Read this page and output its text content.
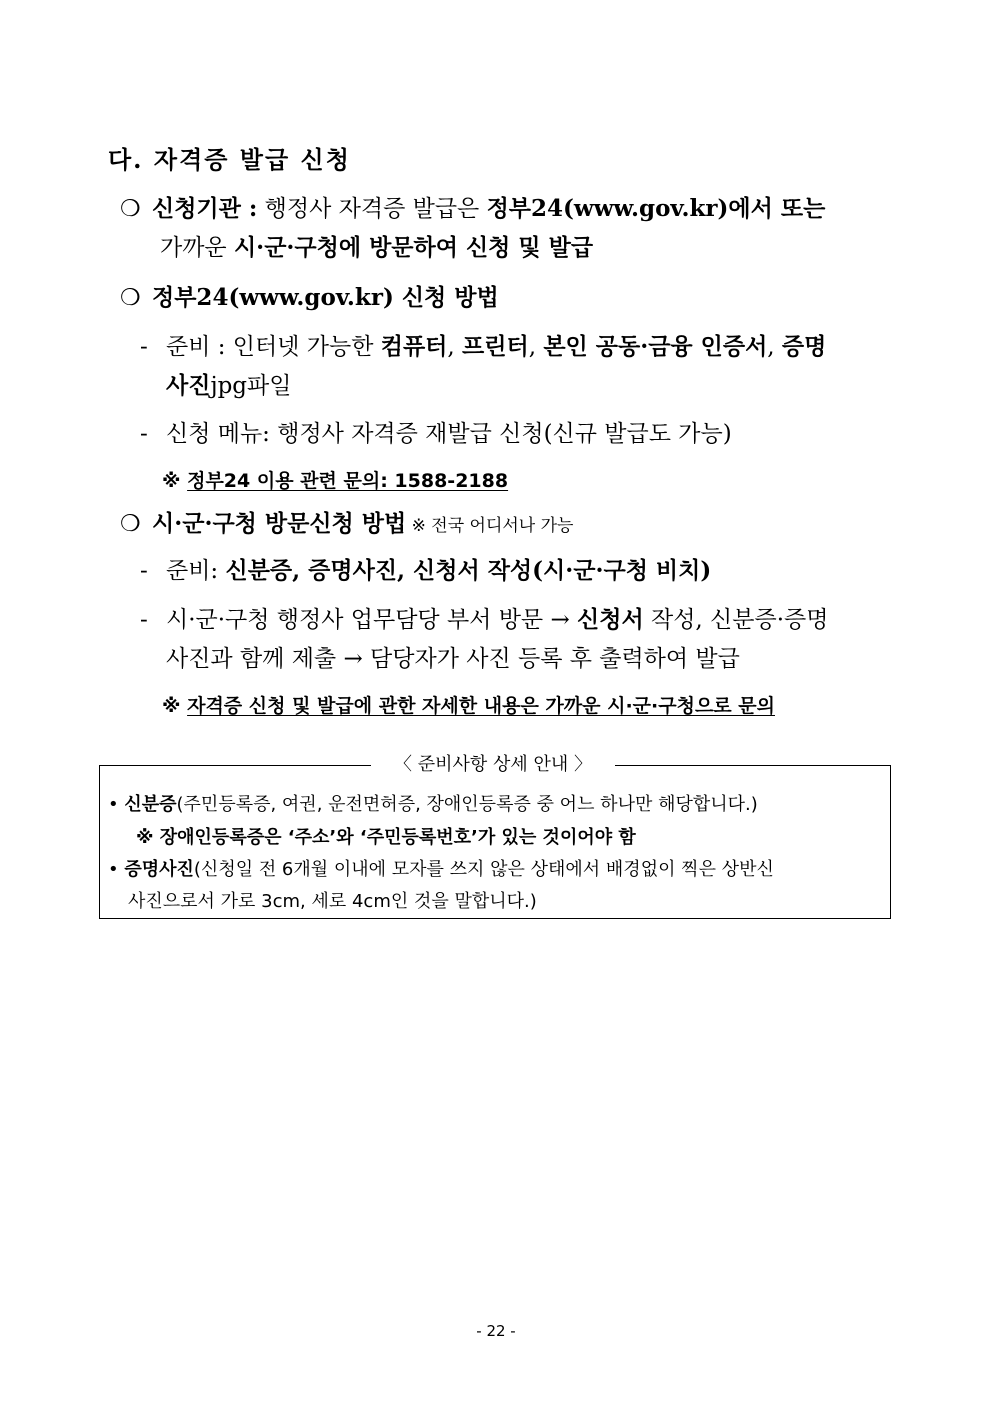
다. 자격증 발급 신청
❍ 신청기관 : 행정사 자격증 발급은 정부24(www.gov.kr)에서 또는
가까운 시·군·구청에 방문하여 신청 및 발급
❍ 정부24(www.gov.kr) 신청 방법
- 준비 : 인터넷 가능한 컴퓨터, 프린터, 본인 공동·금융 인증서, 증명
사진jpg파일
- 신청 메뉴: 행정사 자격증 재발급 신청(신규 발급도 가능)
※ 정부24 이용 관련 문의: 1588-2188
❍ 시·군·구청 방문신청 방법 ※ 전국 어디서나 가능
- 준비: 신분증, 증명사진, 신청서 작성(시·군·구청 비치)
- 시·군·구청 행정사 업무담당 부서 방문 → 신청서 작성, 신분증·증명
사진과 함께 제출 → 담당자가 사진 등록 후 출력하여 발급
※ 자격증 신청 및 발급에 관한 자세한 내용은 가까운 시·군·구청으로 문의
〈 준비사항 상세 안내 〉
• 신분증(주민등록증, 여권, 운전면허증, 장애인등록증 중 어느 하나만 해당합니다.)
※ 장애인등록증은 ‘주소’와 ‘주민등록번호’가 있는 것이어야 함
• 증명사진(신청일 전 6개월 이내에 모자를 쓰지 않은 상태에서 배경없이 찍은 상반신
사진으로서 가로 3cm, 세로 4cm인 것을 말합니다.)
- 22 -
